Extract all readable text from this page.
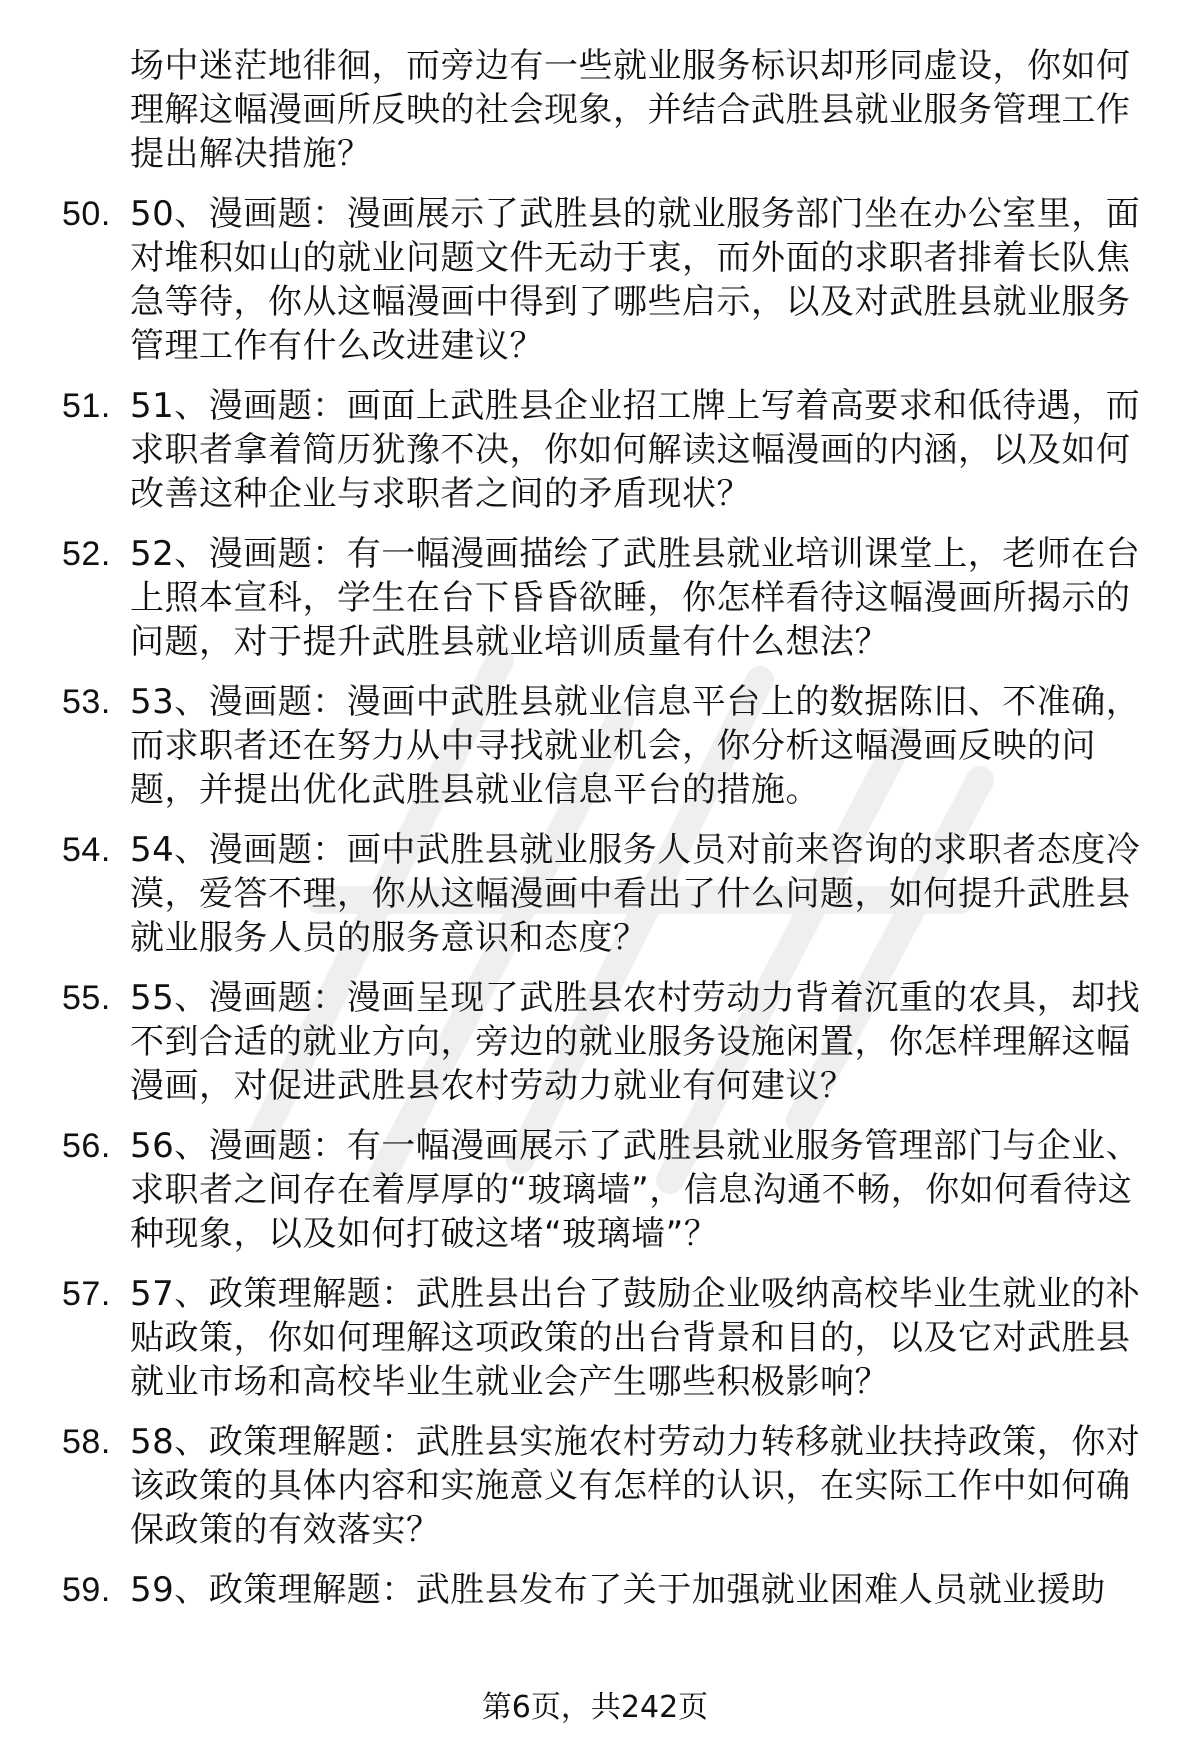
场中迷茫地徘徊，而旁边有一些就业服务标识却形同虚设，你如何理解这幅漫画所反映的社会现象，并结合武胜县就业服务管理工作提出解决措施？
50. 50、漫画题：漫画展示了武胜县的就业服务部门坐在办公室里，面对堆积如山的就业问题文件无动于衷，而外面的求职者排着长队焦急等待，你从这幅漫画中得到了哪些启示，以及对武胜县就业服务管理工作有什么改进建议？
51. 51、漫画题：画面上武胜县企业招工牌上写着高要求和低待遇，而求职者拿着简历犹豫不决，你如何解读这幅漫画的内涵，以及如何改善这种企业与求职者之间的矛盾现状？
52. 52、漫画题：有一幅漫画描绘了武胜县就业培训课堂上，老师在台上照本宣科，学生在台下昏昏欲睡，你怎样看待这幅漫画所揭示的问题，对于提升武胜县就业培训质量有什么想法？
53. 53、漫画题：漫画中武胜县就业信息平台上的数据陈旧、不准确，而求职者还在努力从中寻找就业机会，你分析这幅漫画反映的问题，并提出优化武胜县就业信息平台的措施。
54. 54、漫画题：画中武胜县就业服务人员对前来咨询的求职者态度冷漠，爱答不理，你从这幅漫画中看出了什么问题，如何提升武胜县就业服务人员的服务意识和态度？
55. 55、漫画题：漫画呈现了武胜县农村劳动力背着沉重的农具，却找不到合适的就业方向，旁边的就业服务设施闲置，你怎样理解这幅漫画，对促进武胜县农村劳动力就业有何建议？
56. 56、漫画题：有一幅漫画展示了武胜县就业服务管理部门与企业、求职者之间存在着厚厚的“玻璃墙”，信息沟通不畅，你如何看待这种现象，以及如何打破这堵“玻璃墙”？
57. 57、政策理解题：武胜县出台了鼓励企业吸纳高校毕业生就业的补贴政策，你如何理解这项政策的出台背景和目的，以及它对武胜县就业市场和高校毕业生就业会产生哪些积极影响？
58. 58、政策理解题：武胜县实施农村劳动力转移就业扶持政策，你对该政策的具体内容和实施意义有怎样的认识，在实际工作中如何确保政策的有效落实？
59. 59、政策理解题：武胜县发布了关于加强就业困难人员就业援助
第6页，共242页
